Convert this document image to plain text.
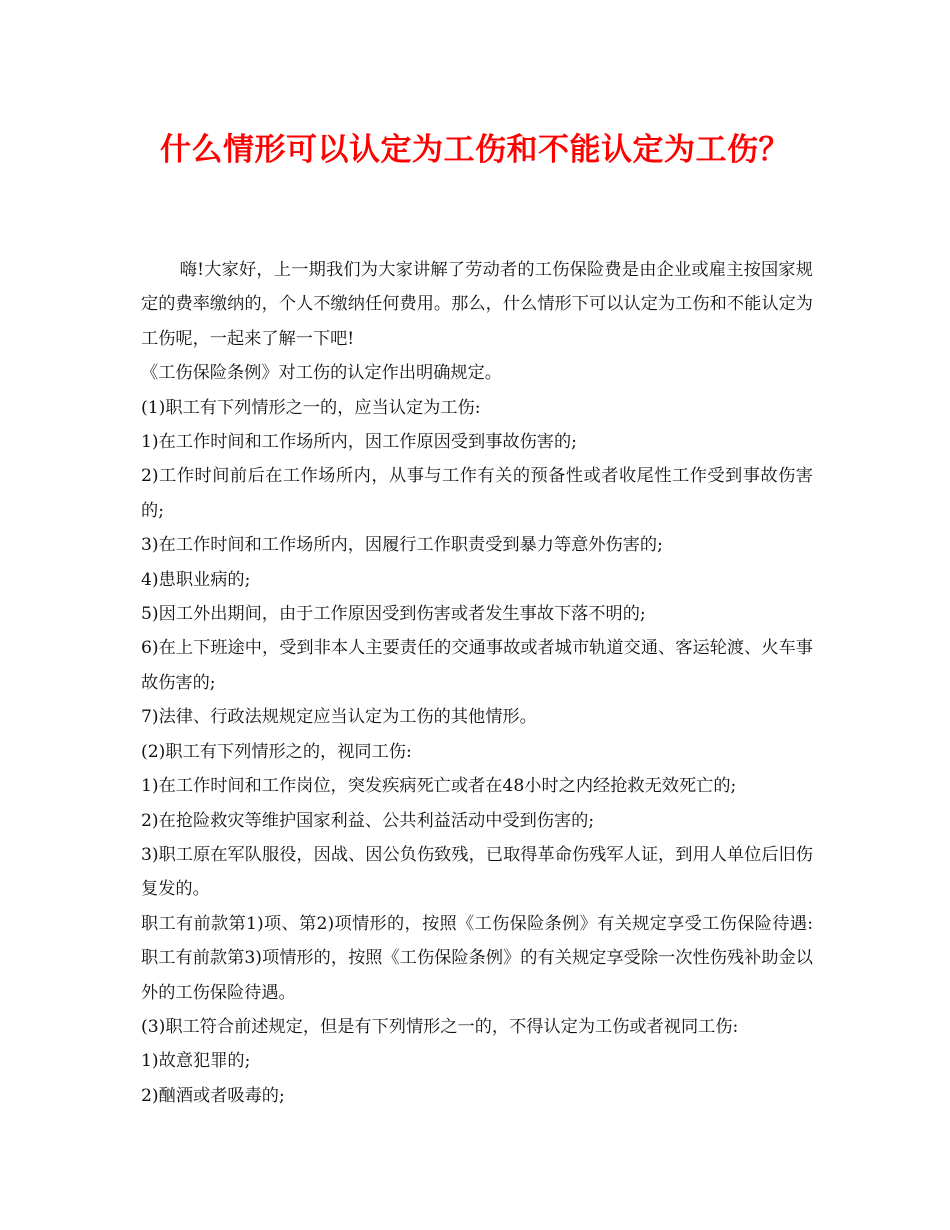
什么情形可以认定为工伤和不能认定为工伤？

嗨!大家好，上一期我们为大家讲解了劳动者的工伤保险费是由企业或雇主按国家规定的费率缴纳的，个人不缴纳任何费用。那么，什么情形下可以认定为工伤和不能认定为工伤呢，一起来了解一下吧!

《工伤保险条例》对工伤的认定作出明确规定。

(1)职工有下列情形之一的，应当认定为工伤:

1)在工作时间和工作场所内，因工作原因受到事故伤害的;

2)工作时间前后在工作场所内，从事与工作有关的预备性或者收尾性工作受到事故伤害的;

3)在工作时间和工作场所内，因履行工作职责受到暴力等意外伤害的;

4)患职业病的;

5)因工外出期间，由于工作原因受到伤害或者发生事故下落不明的;

6)在上下班途中，受到非本人主要责任的交通事故或者城市轨道交通、客运轮渡、火车事故伤害的;

7)法律、行政法规规定应当认定为工伤的其他情形。

(2)职工有下列情形之的，视同工伤:

1)在工作时间和工作岗位，突发疾病死亡或者在48小时之内经抢救无效死亡的;

2)在抢险救灾等维护国家利益、公共利益活动中受到伤害的;

3)职工原在军队服役，因战、因公负伤致残，已取得革命伤残军人证，到用人单位后旧伤复发的。

职工有前款第1)项、第2)项情形的，按照《工伤保险条例》有关规定享受工伤保险待遇:职工有前款第3)项情形的，按照《工伤保险条例》的有关规定享受除一次性伤残补助金以外的工伤保险待遇。

(3)职工符合前述规定，但是有下列情形之一的，不得认定为工伤或者视同工伤:

1)故意犯罪的;

2)酗酒或者吸毒的;
